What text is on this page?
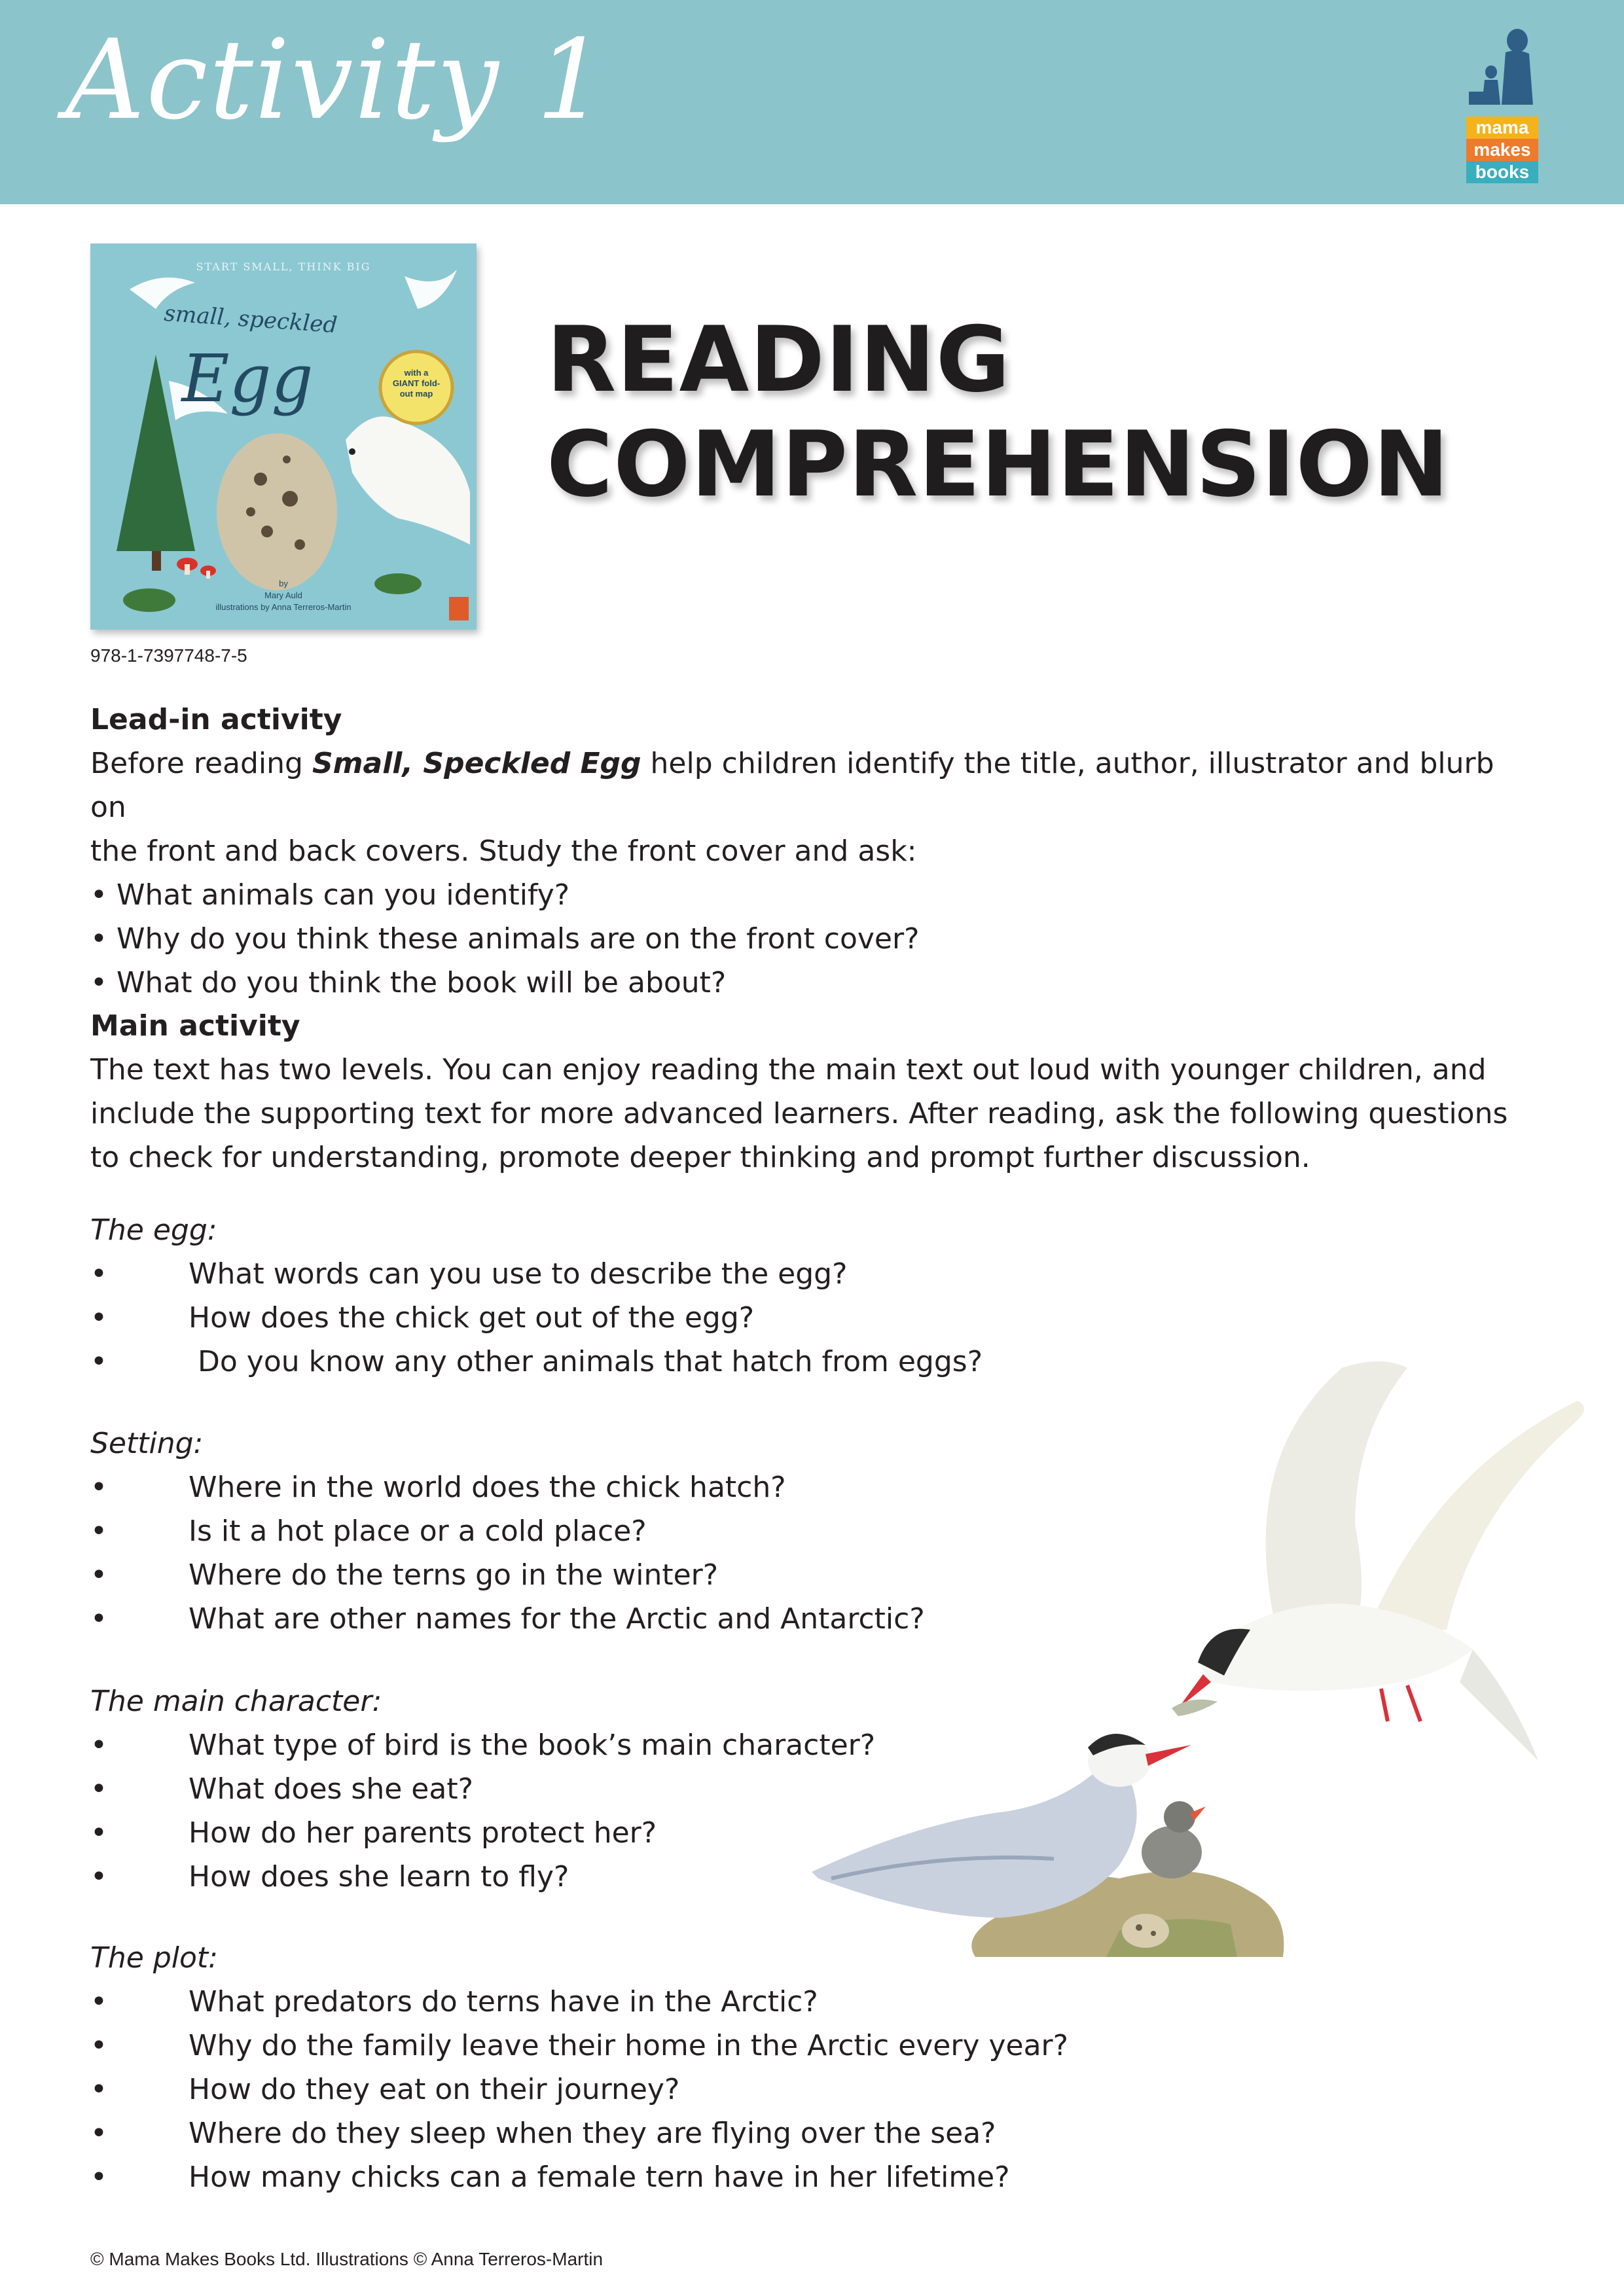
Activity 1	mama
makes
books
START SMALL, THINK BIG
small, speckled
Egg	with a GIANT fold-out map
by
Mary Auld
illustrations by Anna Terreros-Martin
978-1-7397748-7-5
READING
COMPREHENSION
Lead-in activity
Before reading Small, Speckled Egg help children identify the title, author, illustrator and blurb on
the front and back covers. Study the front cover and ask:
• What animals can you identify?
• Why do you think these animals are on the front cover?
• What do you think the book will be about?
Main activity
The text has two levels. You can enjoy reading the main text out loud with younger children, and
include the supporting text for more advanced learners. After reading, ask the following questions
to check for understanding, promote deeper thinking and prompt further discussion.
The egg:
•	What words can you use to describe the egg?
•	How does the chick get out of the egg?
•	Do you know any other animals that hatch from eggs?
Setting:
•	Where in the world does the chick hatch?
•	Is it a hot place or a cold place?
•	Where do the terns go in the winter?
•	What are other names for the Arctic and Antarctic?
The main character:
•	What type of bird is the book’s main character?
•	What does she eat?
•	How do her parents protect her?
•	How does she learn to fly?
The plot:
•	What predators do terns have in the Arctic?
•	Why do the family leave their home in the Arctic every year?
•	How do they eat on their journey?
•	Where do they sleep when they are flying over the sea?
•	How many chicks can a female tern have in her lifetime?
© Mama Makes Books Ltd. Illustrations © Anna Terreros-Martin
